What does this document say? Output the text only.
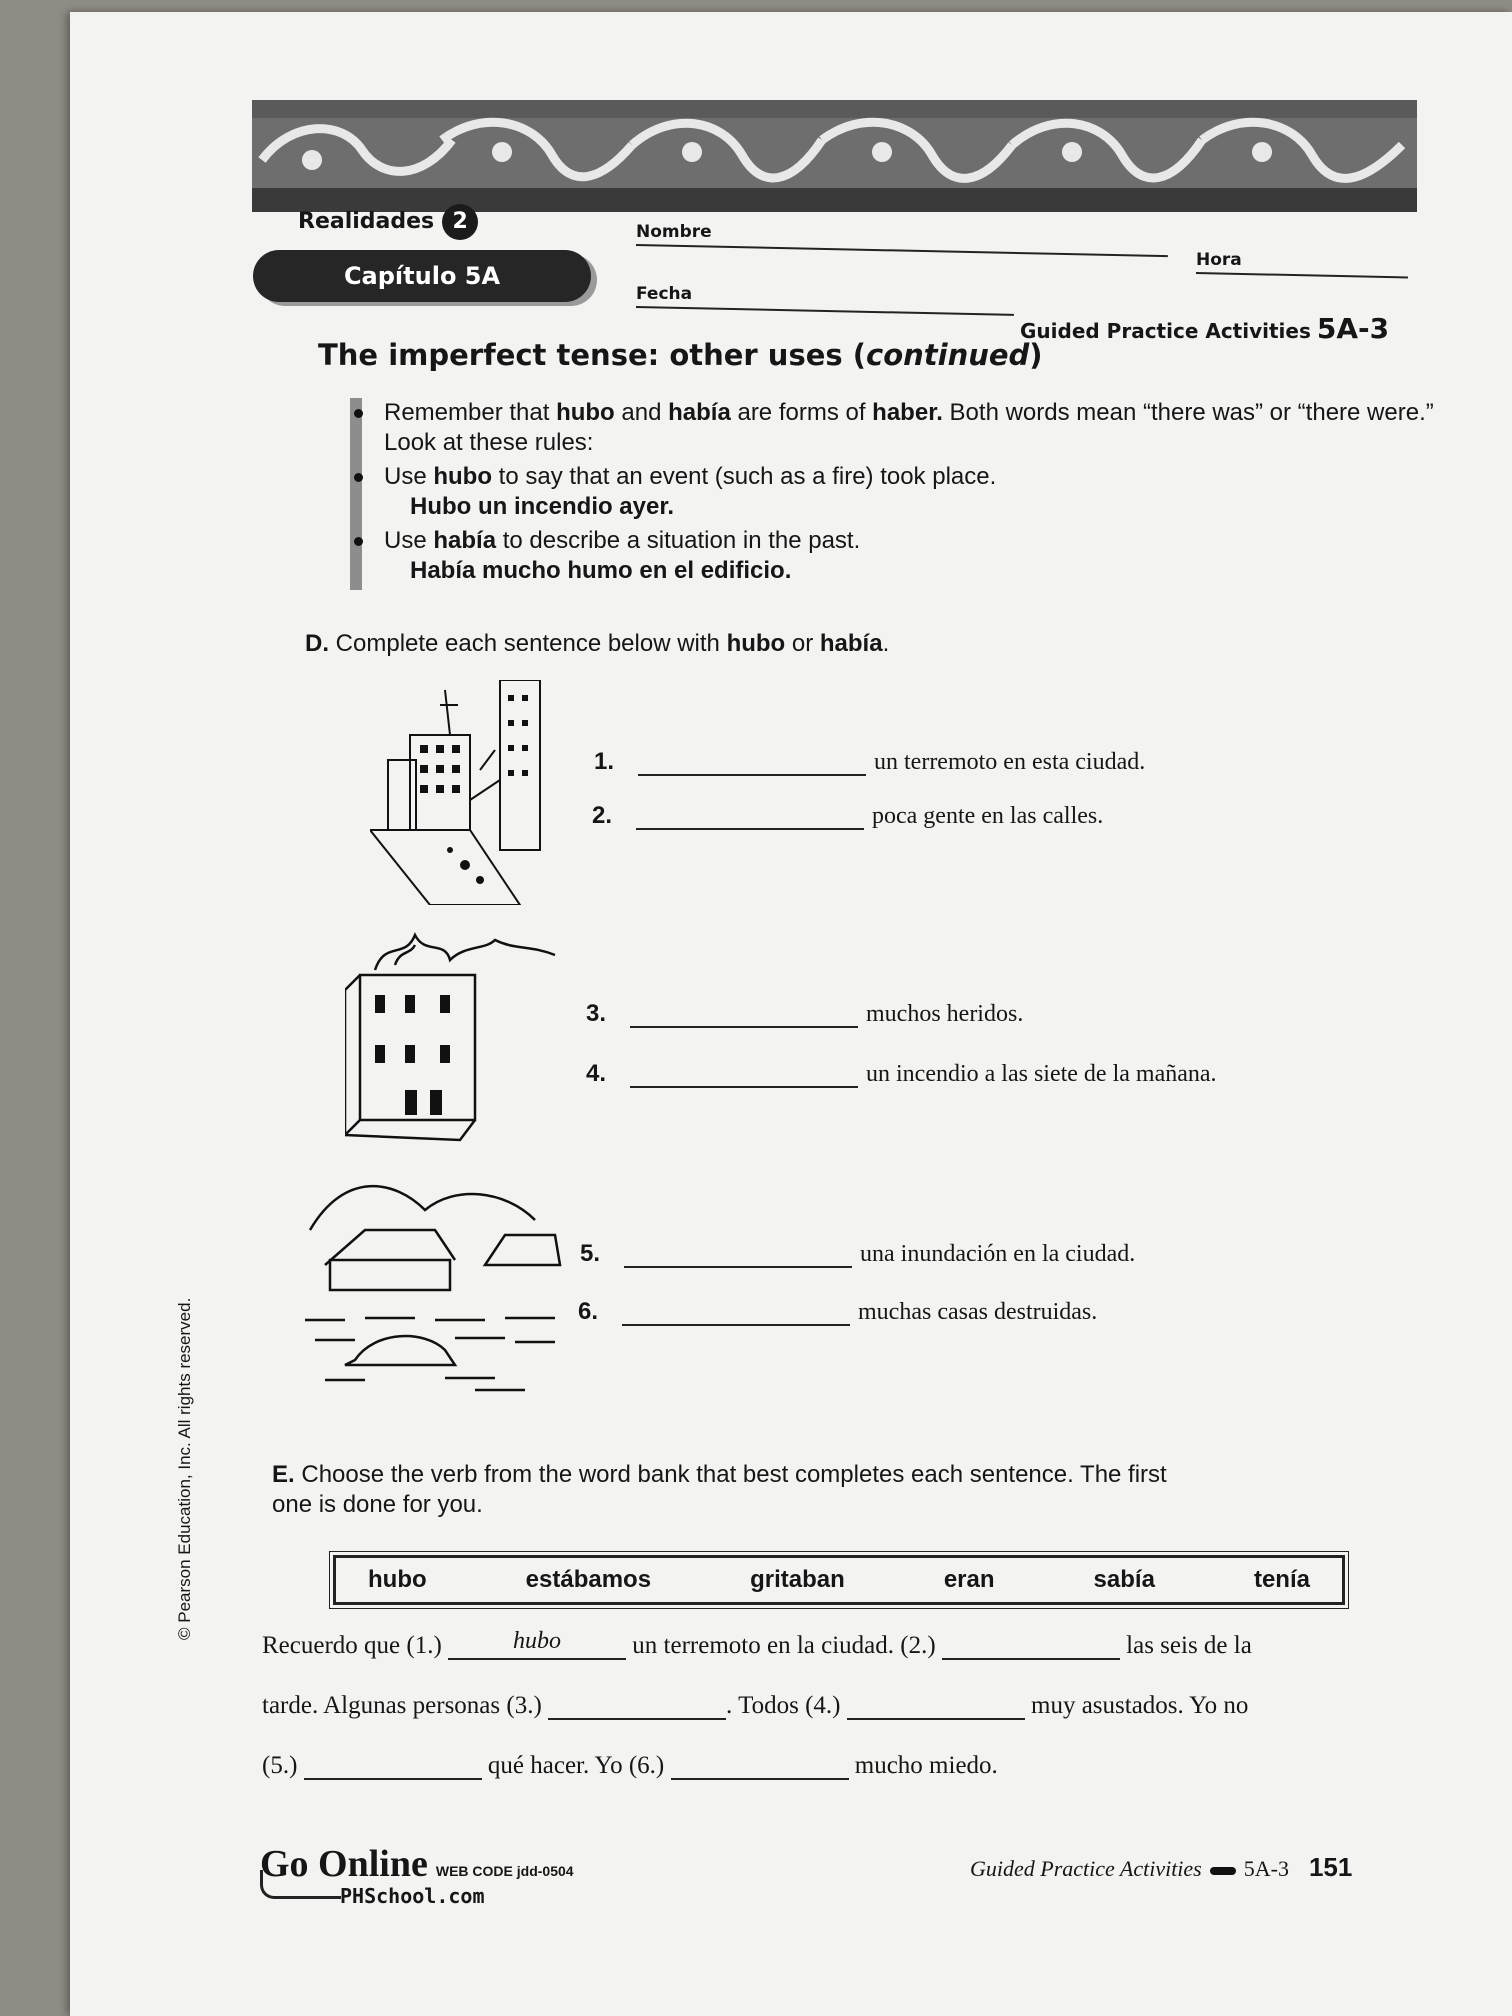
Realidades 2
Capítulo 5A
Nombre
Hora
Fecha
Guided Practice Activities 5A-3
The imperfect tense: other uses (continued)
Remember that hubo and había are forms of haber. Both words mean “there was” or “there were.” Look at these rules:
Use hubo to say that an event (such as a fire) took place.
Hubo un incendio ayer.
Use había to describe a situation in the past.
Había mucho humo en el edificio.
D. Complete each sentence below with hubo or había.
1.	un terremoto en esta ciudad.
2.	poca gente en las calles.
3.	muchos heridos.
4.	un incendio a las siete de la mañana.
5.	una inundación en la ciudad.
6.	muchas casas destruidas.
E. Choose the verb from the word bank that best completes each sentence. The first
one is done for you.
hubo	estábamos	gritaban	eran	sabía	tenía
Recuerdo que (1.)	hubo	un terremoto en la ciudad. (2.)	las seis de la
tarde. Algunas personas (3.)	. Todos (4.)	muy asustados. Yo no
(5.)	qué hacer. Yo (6.)	mucho miedo.
© Pearson Education, Inc. All rights reserved.
Go Online WEB CODE jdd-0504
PHSchool.com
Guided Practice Activities 5A-3 151
